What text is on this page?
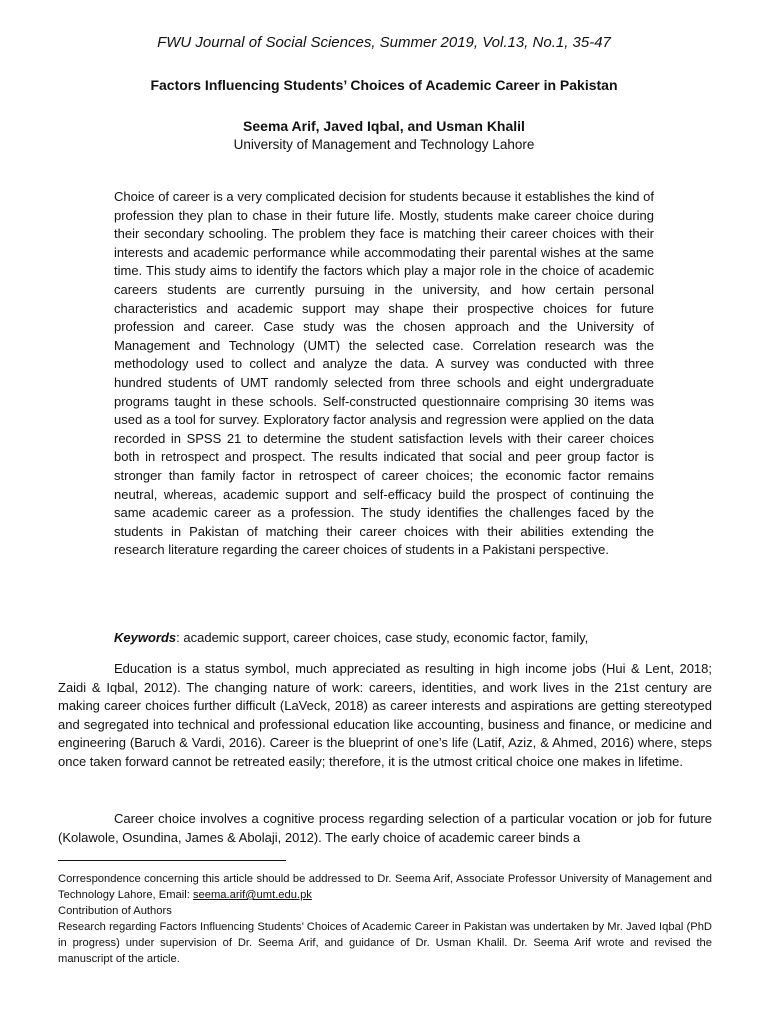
FWU Journal of Social Sciences, Summer 2019, Vol.13, No.1, 35-47
Factors Influencing Students’ Choices of Academic Career in Pakistan
Seema Arif, Javed Iqbal, and Usman Khalil
University of Management and Technology Lahore

Choice of career is a very complicated decision for students because it establishes the kind of profession they plan to chase in their future life. Mostly, students make career choice during their secondary schooling. The problem they face is matching their career choices with their interests and academic performance while accommodating their parental wishes at the same time. This study aims to identify the factors which play a major role in the choice of academic careers students are currently pursuing in the university, and how certain personal characteristics and academic support may shape their prospective choices for future profession and career. Case study was the chosen approach and the University of Management and Technology (UMT) the selected case. Correlation research was the methodology used to collect and analyze the data. A survey was conducted with three hundred students of UMT randomly selected from three schools and eight undergraduate programs taught in these schools. Self-constructed questionnaire comprising 30 items was used as a tool for survey. Exploratory factor analysis and regression were applied on the data recorded in SPSS 21 to determine the student satisfaction levels with their career choices both in retrospect and prospect. The results indicated that social and peer group factor is stronger than family factor in retrospect of career choices; the economic factor remains neutral, whereas, academic support and self-efficacy build the prospect of continuing the same academic career as a profession. The study identifies the challenges faced by the students in Pakistan of matching their career choices with their abilities extending the research literature regarding the career choices of students in a Pakistani perspective.

Keywords: academic support, career choices, case study, economic factor, family,

Education is a status symbol, much appreciated as resulting in high income jobs (Hui & Lent, 2018; Zaidi & Iqbal, 2012). The changing nature of work: careers, identities, and work lives in the 21st century are making career choices further difficult (LaVeck, 2018) as career interests and aspirations are getting stereotyped and segregated into technical and professional education like accounting, business and finance, or medicine and engineering (Baruch & Vardi, 2016). Career is the blueprint of one’s life (Latif, Aziz, & Ahmed, 2016) where, steps once taken forward cannot be retreated easily; therefore, it is the utmost critical choice one makes in lifetime.

Career choice involves a cognitive process regarding selection of a particular vocation or job for future (Kolawole, Osundina, James & Abolaji, 2012). The early choice of academic career binds a

Correspondence concerning this article should be addressed to Dr. Seema Arif, Associate Professor University of Management and Technology Lahore, Email: seema.arif@umt.edu.pk

Contribution of Authors

Research regarding Factors Influencing Students’ Choices of Academic Career in Pakistan was undertaken by Mr. Javed Iqbal (PhD in progress) under supervision of Dr. Seema Arif, and guidance of Dr. Usman Khalil. Dr. Seema Arif wrote and revised the manuscript of the article.
